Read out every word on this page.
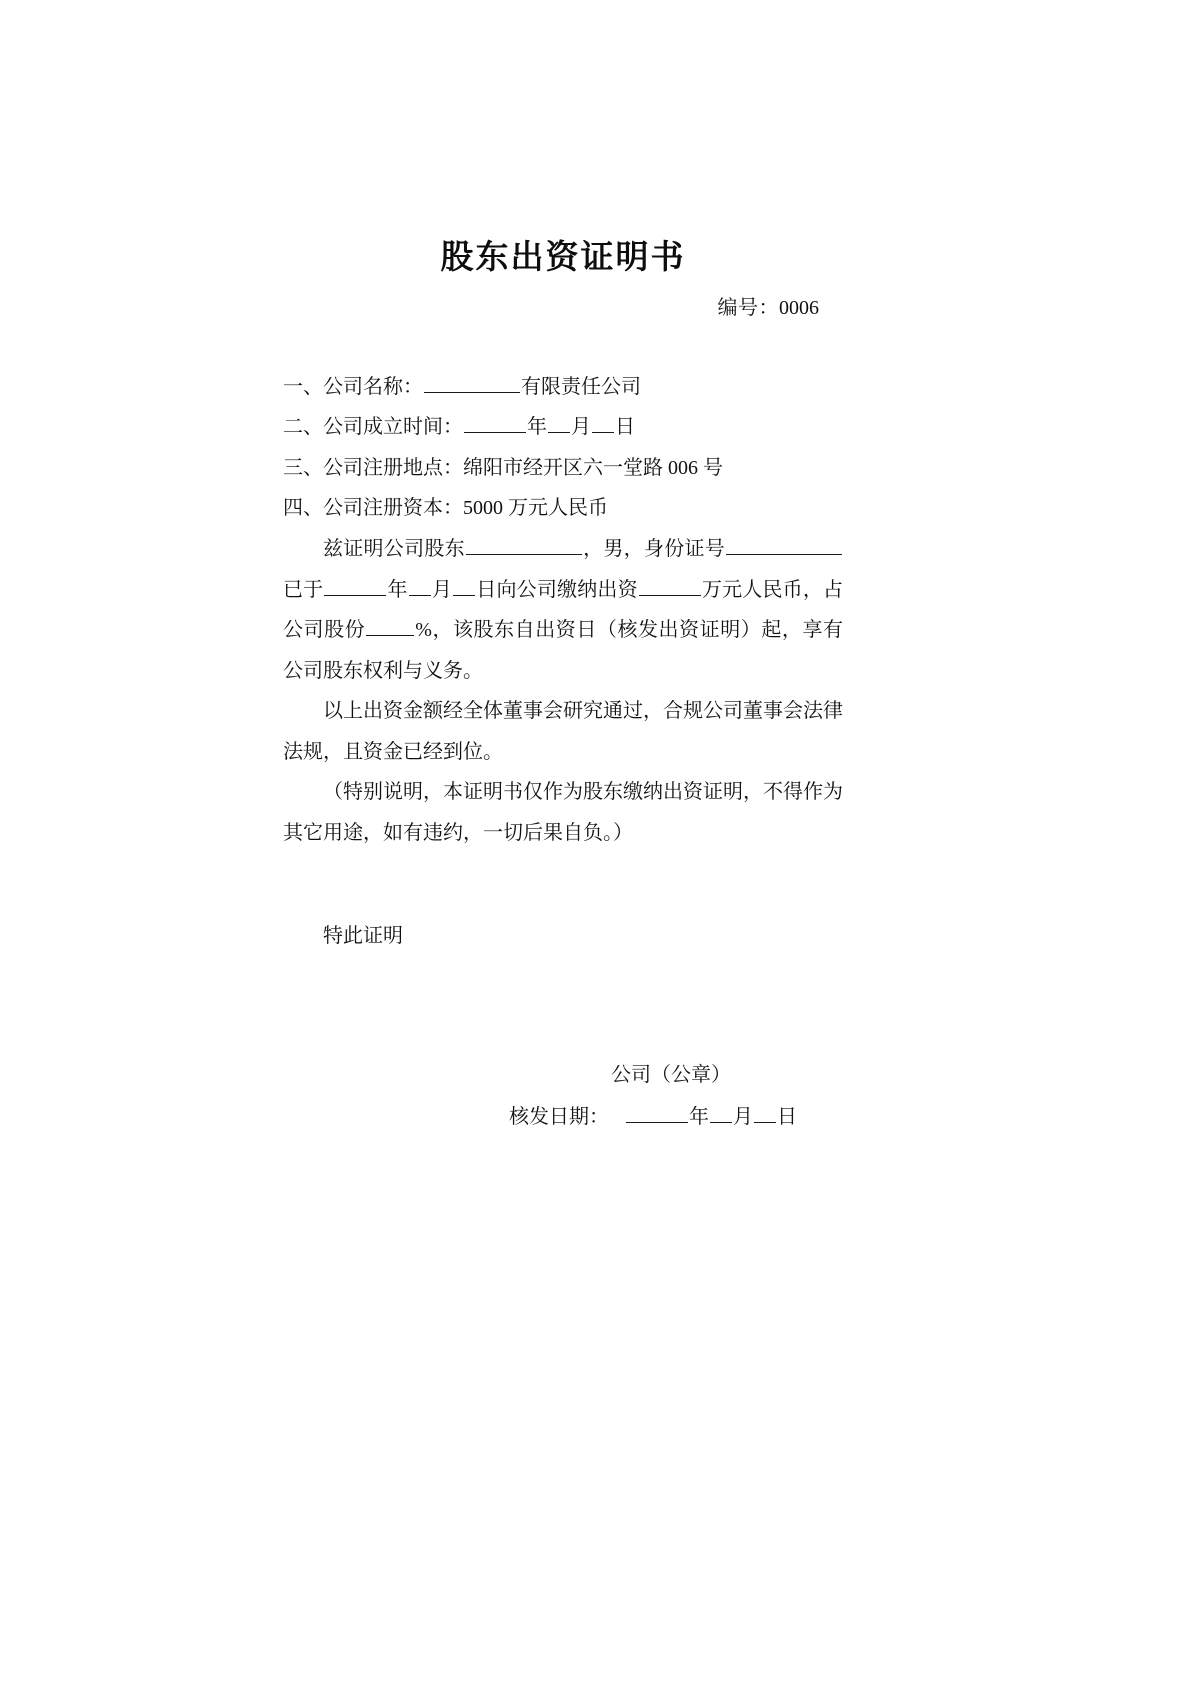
股东出资证明书
编号：0006

一、公司名称：	有限责任公司

二、公司成立时间：	年 月 日

三、公司注册地点：绵阳市经开区六一堂路 006 号

四、公司注册资本：5000 万元人民币

兹证明公司股东	，男，身份证号已于	年 月 日向公司缴纳出资	万元人民币，占公司股份	%，该股东自出资日（核发出资证明）起，享有公司股东权利与义务。

以上出资金额经全体董事会研究通过，合规公司董事会法律法规，且资金已经到位。

（特别说明，本证明书仅作为股东缴纳出资证明，不得作为其它用途，如有违约，一切后果自负。）

特此证明

公司（公章）
核发日期：	年 月 日
